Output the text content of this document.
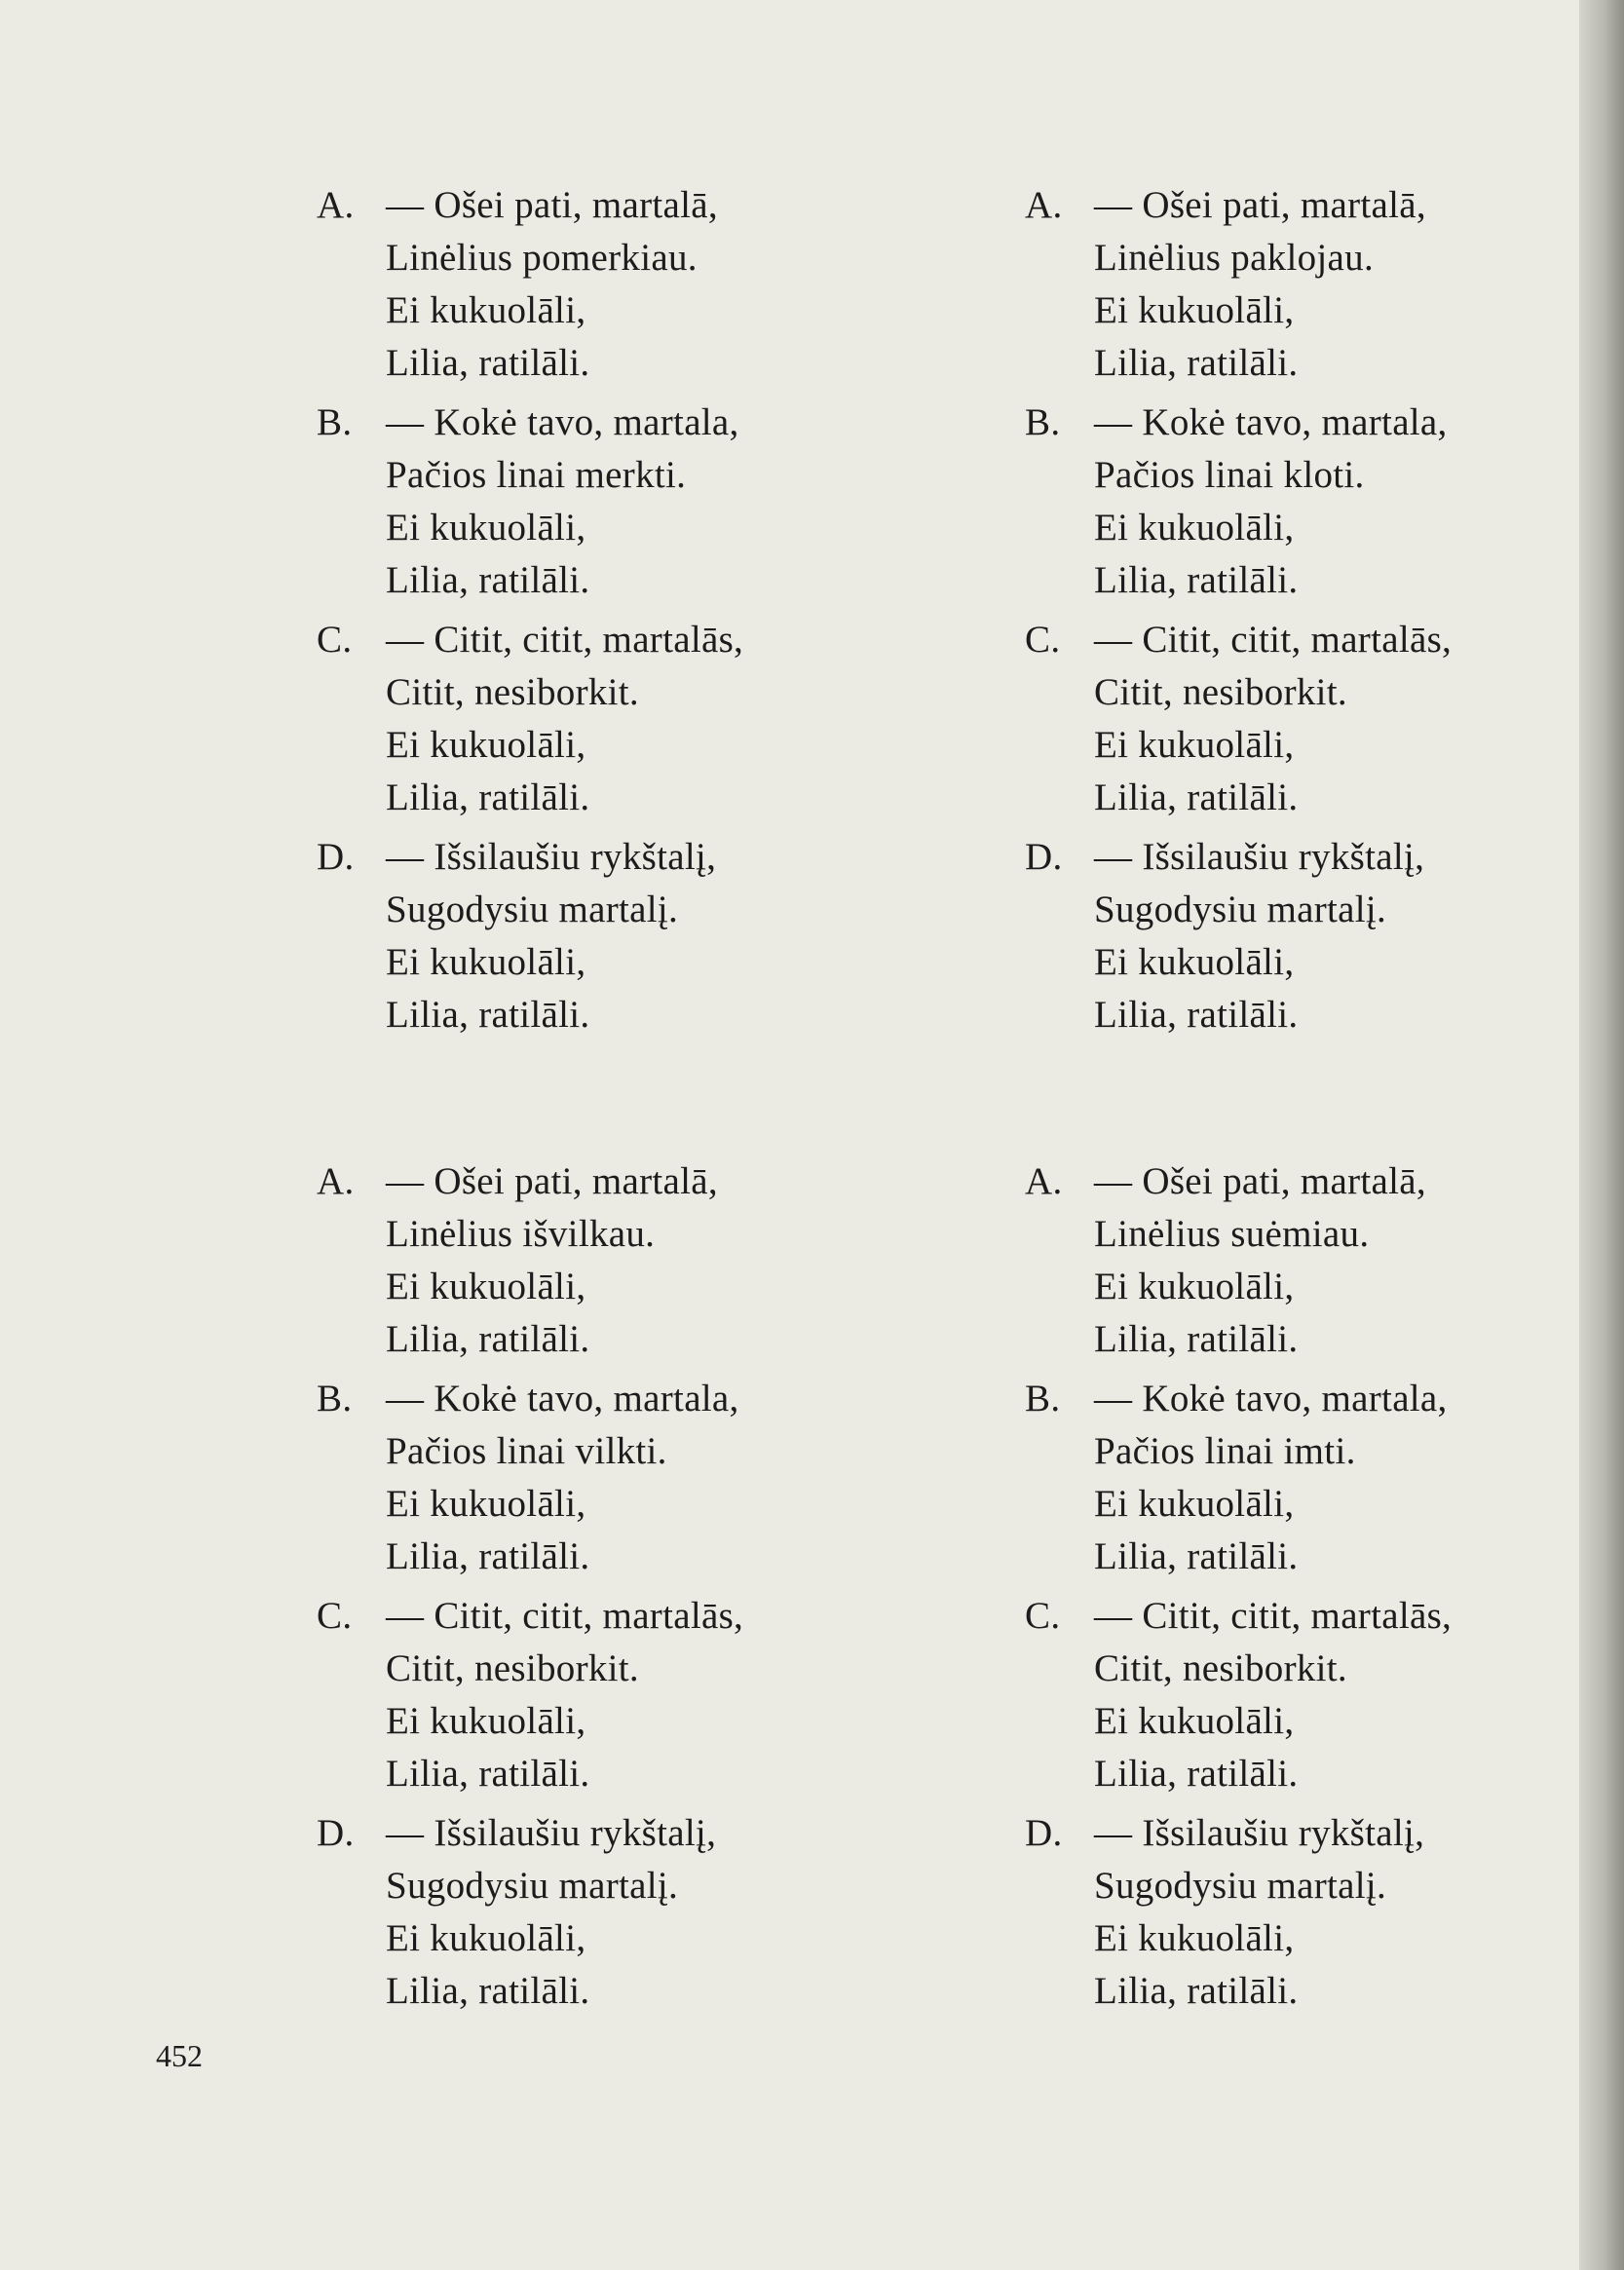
A. — Ošei pati, martalā,
Linėlius pomerkiau.
Ei kukuolāli,
Lilia, ratilāli.
B. — Kokė tavo, martala,
Pačios linai merkti.
Ei kukuolāli,
Lilia, ratilāli.
C. — Citit, citit, martalās,
Citit, nesiborkit.
Ei kukuolāli,
Lilia, ratilāli.
D. — Išsilaušiu rykštalį,
Sugodysiu martalį.
Ei kukuolāli,
Lilia, ratilāli.
A. — Ošei pati, martalā,
Linėlius paklojau.
Ei kukuolāli,
Lilia, ratilāli.
B. — Kokė tavo, martala,
Pačios linai kloti.
Ei kukuolāli,
Lilia, ratilāli.
C. — Citit, citit, martalās,
Citit, nesiborkit.
Ei kukuolāli,
Lilia, ratilāli.
D. — Išsilaušiu rykštalį,
Sugodysiu martalį.
Ei kukuolāli,
Lilia, ratilāli.
A. — Ošei pati, martalā,
Linėlius išvilkau.
Ei kukuolāli,
Lilia, ratilāli.
B. — Kokė tavo, martala,
Pačios linai vilkti.
Ei kukuolāli,
Lilia, ratilāli.
C. — Citit, citit, martalās,
Citit, nesiborkit.
Ei kukuolāli,
Lilia, ratilāli.
D. — Išsilaušiu rykštalį,
Sugodysiu martalį.
Ei kukuolāli,
Lilia, ratilāli.
A. — Ošei pati, martalā,
Linėlius suėmiau.
Ei kukuolāli,
Lilia, ratilāli.
B. — Kokė tavo, martala,
Pačios linai imti.
Ei kukuolāli,
Lilia, ratilāli.
C. — Citit, citit, martalās,
Citit, nesiborkit.
Ei kukuolāli,
Lilia, ratilāli.
D. — Išsilaušiu rykštalį,
Sugodysiu martalį.
Ei kukuolāli,
Lilia, ratilāli.
452
